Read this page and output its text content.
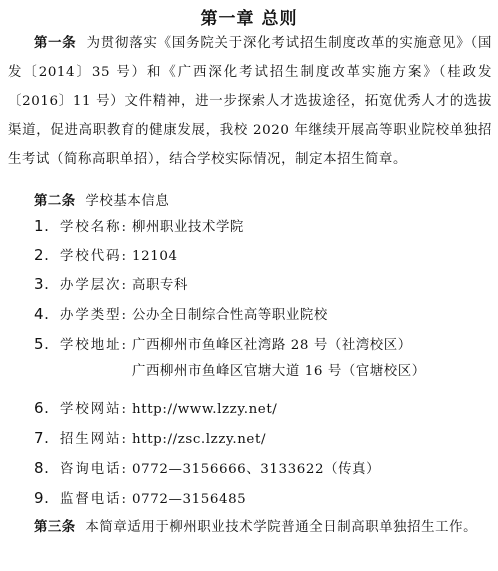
第一章 总则
第一条 为贯彻落实《国务院关于深化考试招生制度改革的实施意见》（国发〔2014〕35 号）和《广西深化考试招生制度改革实施方案》（桂政发〔2016〕11 号）文件精神，进一步探索人才选拔途径，拓宽优秀人才的选拔渠道，促进高职教育的健康发展，我校 2020 年继续开展高等职业院校单独招生考试（简称高职单招），结合学校实际情况，制定本招生简章。
第二条 学校基本信息
1. 学校名称: 柳州职业技术学院
2. 学校代码: 12104
3. 办学层次: 高职专科
4. 办学类型: 公办全日制综合性高等职业院校
5. 学校地址: 广西柳州市鱼峰区社湾路 28 号（社湾校区）
广西柳州市鱼峰区官塘大道 16 号（官塘校区）
6. 学校网站: http://www.lzzy.net/
7. 招生网站: http://zsc.lzzy.net/
8. 咨询电话: 0772—3156666、3133622（传真）
9. 监督电话: 0772—3156485
第三条 本简章适用于柳州职业技术学院普通全日制高职单独招生工作。
